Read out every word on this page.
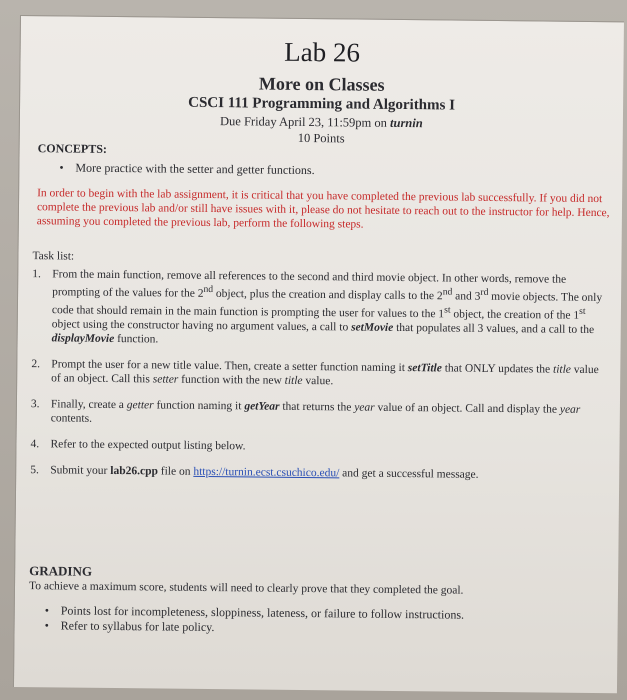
Lab 26
More on Classes
CSCI 111 Programming and Algorithms I
Due Friday April 23, 11:59pm on turnin
10 Points
CONCEPTS:
• More practice with the setter and getter functions.
In order to begin with the lab assignment, it is critical that you have completed the previous lab successfully. If you did not complete the previous lab and/or still have issues with it, please do not hesitate to reach out to the instructor for help. Hence, assuming you completed the previous lab, perform the following steps.
Task list:
1. From the main function, remove all references to the second and third movie object. In other words, remove the prompting of the values for the 2nd object, plus the creation and display calls to the 2nd and 3rd movie objects. The only code that should remain in the main function is prompting the user for values to the 1st object, the creation of the 1st object using the constructor having no argument values, a call to setMovie that populates all 3 values, and a call to the displayMovie function.
2. Prompt the user for a new title value. Then, create a setter function naming it setTitle that ONLY updates the title value of an object. Call this setter function with the new title value.
3. Finally, create a getter function naming it getYear that returns the year value of an object. Call and display the year contents.
4. Refer to the expected output listing below.
5. Submit your lab26.cpp file on https://turnin.ecst.csuchico.edu/ and get a successful message.
GRADING
To achieve a maximum score, students will need to clearly prove that they completed the goal.
• Points lost for incompleteness, sloppiness, lateness, or failure to follow instructions.
• Refer to syllabus for late policy.
